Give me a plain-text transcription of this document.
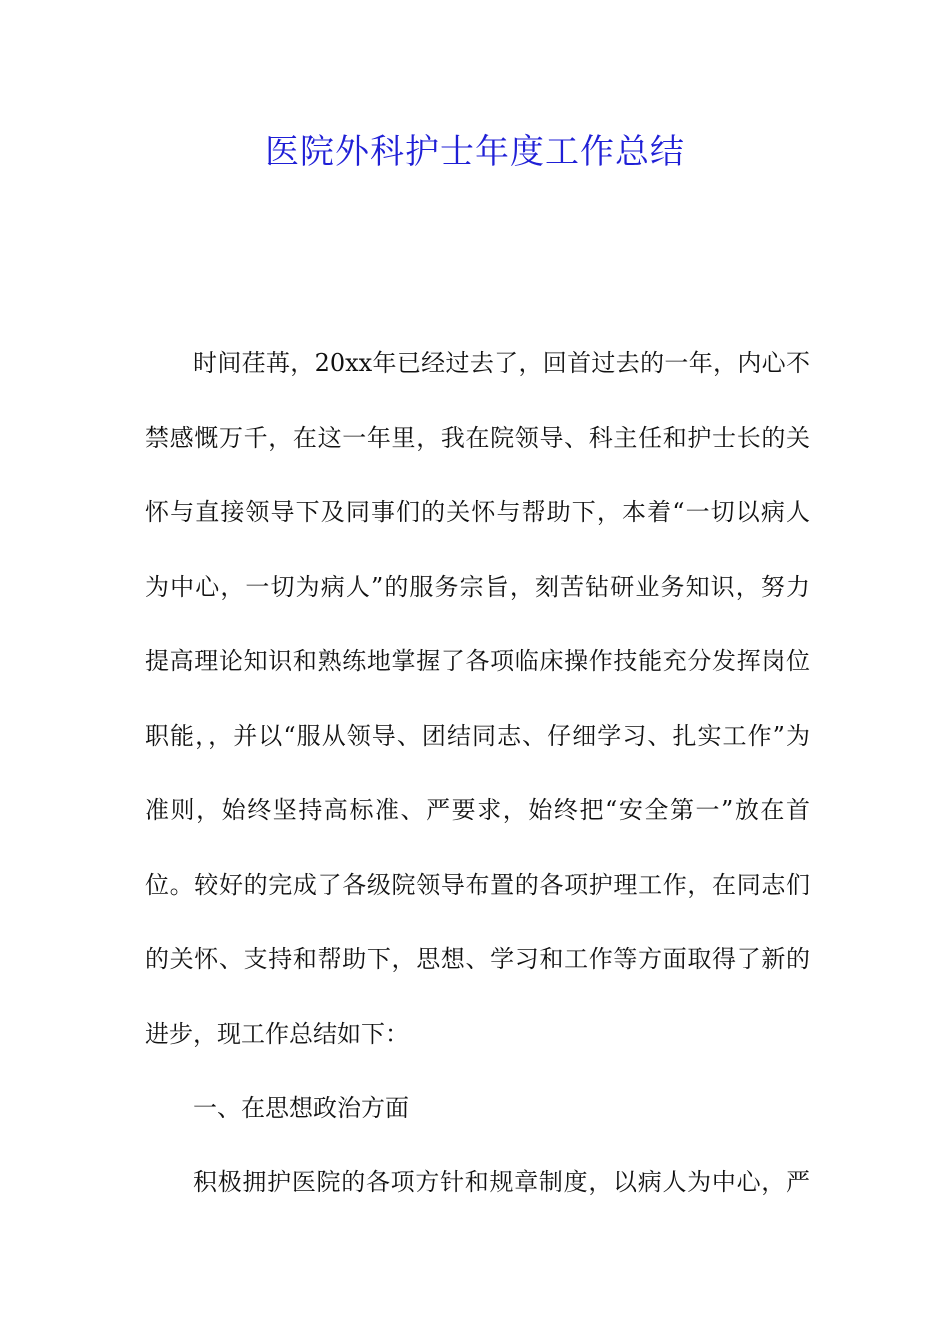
医院外科护士年度工作总结
时间荏苒，20xx年已经过去了，回首过去的一年，内心不
禁感慨万千，在这一年里，我在院领导、科主任和护士长的关
怀与直接领导下及同事们的关怀与帮助下，本着“一切以病人
为中心，一切为病人”的服务宗旨，刻苦钻研业务知识，努力
提高理论知识和熟练地掌握了各项临床操作技能充分发挥岗位
职能，，并以“服从领导、团结同志、仔细学习、扎实工作”为
准则，始终坚持高标准、严要求，始终把“安全第一”放在首
位。较好的完成了各级院领导布置的各项护理工作，在同志们
的关怀、支持和帮助下，思想、学习和工作等方面取得了新的
进步，现工作总结如下：
一、在思想政治方面
积极拥护医院的各项方针和规章制度，以病人为中心，严
